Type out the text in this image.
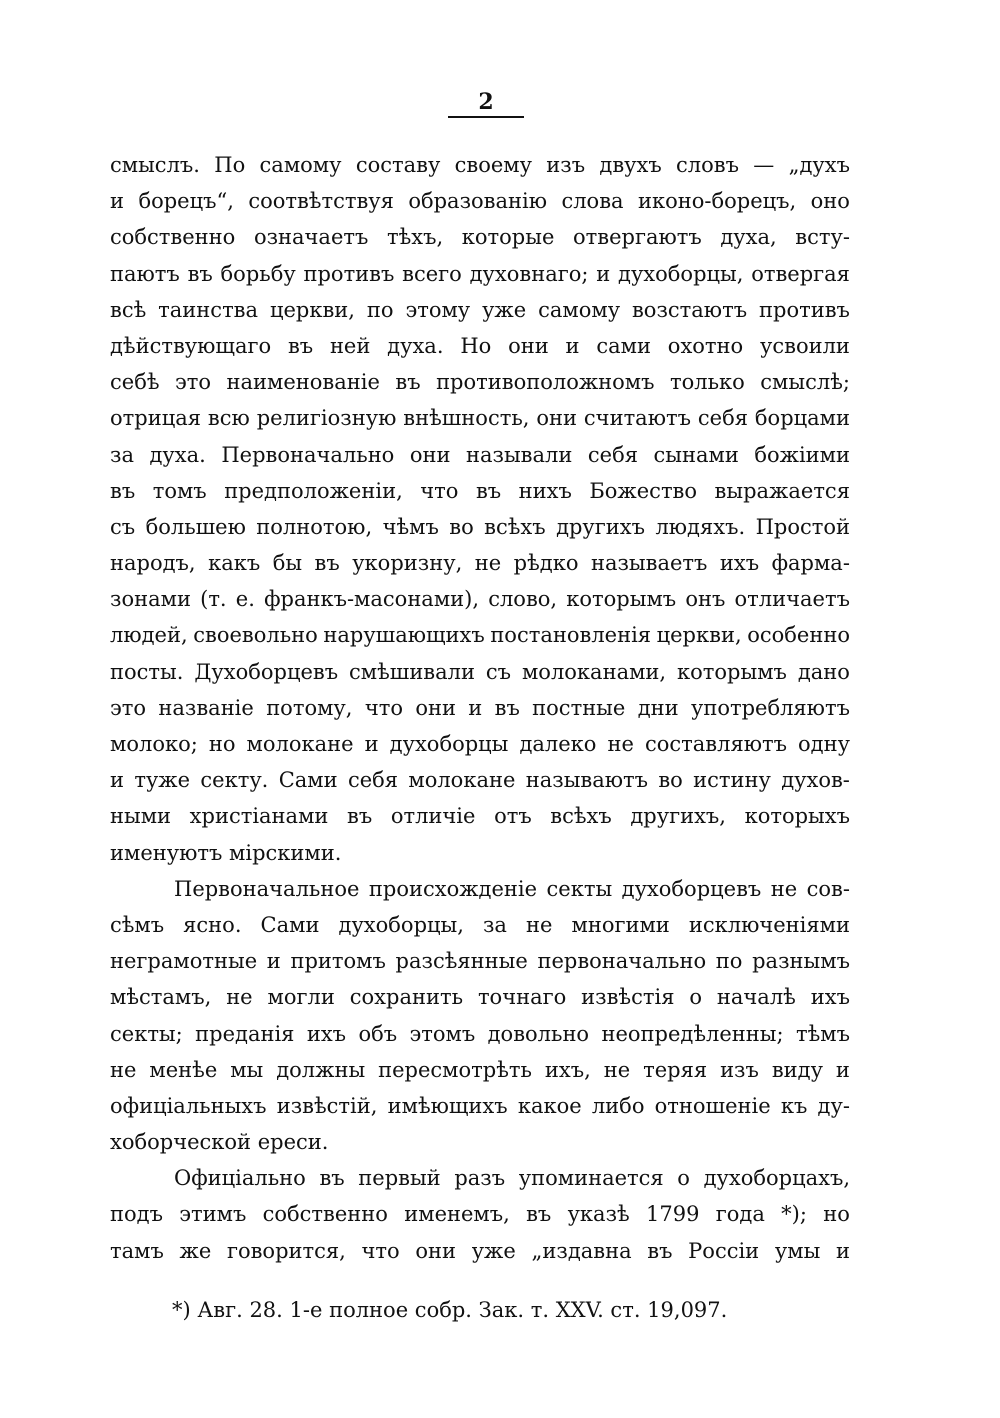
2
смыслъ. По самому составу своему изъ двухъ словъ — „духъ
и борецъ“, соотвѣтствуя образованію слова иконо-борецъ, оно
собственно означаетъ тѣхъ, которые отвергаютъ духа, всту-
паютъ въ борьбу противъ всего духовнаго; и духоборцы, отвергая
всѣ таинства церкви, по этому уже самому возстаютъ противъ
дѣйствующаго въ ней духа. Но они и сами охотно усвоили
себѣ это наименованіе въ противоположномъ только смыслѣ;
отрицая всю религіозную внѣшность, они считаютъ себя борцами
за духа. Первоначально они называли себя сынами божіими
въ томъ предположеніи, что въ нихъ Божество выражается
съ большею полнотою, чѣмъ во всѣхъ другихъ людяхъ. Простой
народъ, какъ бы въ укоризну, не рѣдко называетъ ихъ фарма-
зонами (т. е. франкъ-масонами), слово, которымъ онъ отличаетъ
людей, своевольно нарушающихъ постановленія церкви, особенно
посты. Духоборцевъ смѣшивали съ молоканами, которымъ дано
это названіе потому, что они и въ постные дни употребляютъ
молоко; но молокане и духоборцы далеко не составляютъ одну
и туже секту. Сами себя молокане называютъ во истину духов-
ными христіанами въ отличіе отъ всѣхъ другихъ, которыхъ
именуютъ мірскими.
Первоначальное происхожденіе секты духоборцевъ не сов-
сѣмъ ясно. Сами духоборцы, за не многими исключеніями
неграмотные и притомъ разсѣянные первоначально по разнымъ
мѣстамъ, не могли сохранить точнаго извѣстія о началѣ ихъ
секты; преданія ихъ объ этомъ довольно неопредѣленны; тѣмъ
не менѣе мы должны пересмотрѣть ихъ, не теряя изъ виду и
офиціальныхъ извѣстій, имѣющихъ какое либо отношеніе къ ду-
хоборческой ереси.
Офиціально въ первый разъ упоминается о духоборцахъ,
подъ этимъ собственно именемъ, въ указѣ 1799 года *); но
тамъ же говорится, что они уже „издавна въ Россіи умы и
*) Авг. 28. 1-е полное собр. Зак. т. XXV. ст. 19,097.
